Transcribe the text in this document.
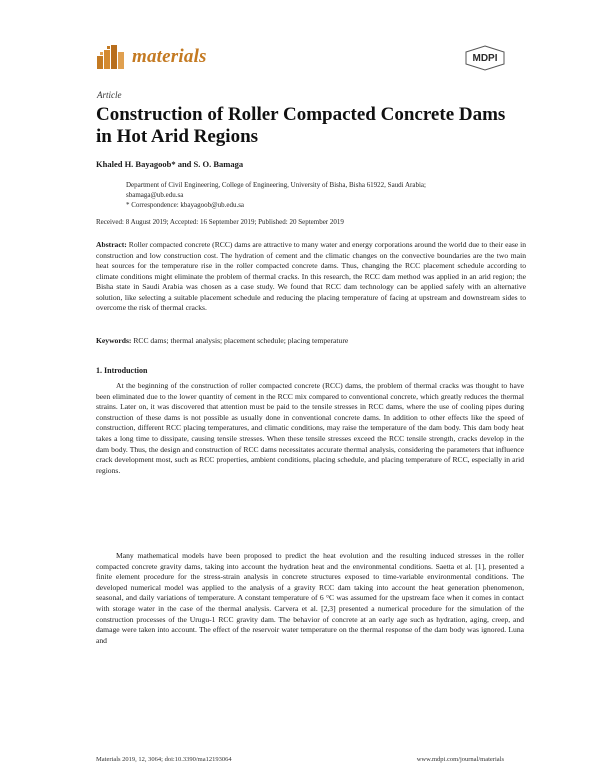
materials	MDPI
Article
Construction of Roller Compacted Concrete Dams in Hot Arid Regions
Khaled H. Bayagoob* and S. O. Bamaga
Department of Civil Engineering, College of Engineering, University of Bisha, Bisha 61922, Saudi Arabia;
sbamaga@ub.edu.sa
* Correspondence: kbayagoob@ub.edu.sa
Received: 8 August 2019; Accepted: 16 September 2019; Published: 20 September 2019
Abstract: Roller compacted concrete (RCC) dams are attractive to many water and energy corporations around the world due to their ease in construction and low construction cost. The hydration of cement and the climatic changes on the convective boundaries are the two main heat sources for the temperature rise in the roller compacted concrete dams. Thus, changing the RCC placement schedule according to climate conditions might eliminate the problem of thermal cracks. In this research, the RCC dam method was applied in an arid region; the Bisha state in Saudi Arabia was chosen as a case study. We found that RCC dam technology can be applied safely with an alternative solution, like selecting a suitable placement schedule and reducing the placing temperature of facing at upstream and downstream sides to overcome the risk of thermal cracks.
Keywords: RCC dams; thermal analysis; placement schedule; placing temperature
1. Introduction
At the beginning of the construction of roller compacted concrete (RCC) dams, the problem of thermal cracks was thought to have been eliminated due to the lower quantity of cement in the RCC mix compared to conventional concrete, which greatly reduces the thermal strains. Later on, it was discovered that attention must be paid to the tensile stresses in RCC dams, where the use of cooling pipes during construction of these dams is not possible as usually done in conventional concrete dams. In addition to other effects like the speed of construction, different RCC placing temperatures, and climatic conditions, may raise the temperature of the dam body. This dam body heat takes a long time to dissipate, causing tensile stresses. When these tensile stresses exceed the RCC tensile strength, cracks develop in the dam body. Thus, the design and construction of RCC dams necessitates accurate thermal analysis, considering the parameters that influence crack development most, such as RCC properties, ambient conditions, placing schedule, and placing temperature of RCC, especially in arid regions.
Many mathematical models have been proposed to predict the heat evolution and the resulting induced stresses in the roller compacted concrete gravity dams, taking into account the hydration heat and the environmental conditions. Saetta et al. [1], presented a finite element procedure for the stress-strain analysis in concrete structures exposed to time-variable environmental conditions. The developed numerical model was applied to the analysis of a gravity RCC dam taking into account the heat generation phenomenon, seasonal, and daily variations of temperature. A constant temperature of 6 °C was assumed for the upstream face when it comes in contact with storage water in the case of the thermal analysis. Carvera et al. [2,3] presented a numerical procedure for the simulation of the construction processes of the Urugu-1 RCC gravity dam. The behavior of concrete at an early age such as hydration, aging, creep, and damage were taken into account. The effect of the reservoir water temperature on the thermal response of the dam body was ignored. Luna and
Materials 2019, 12, 3064; doi:10.3390/ma12193064	www.mdpi.com/journal/materials
